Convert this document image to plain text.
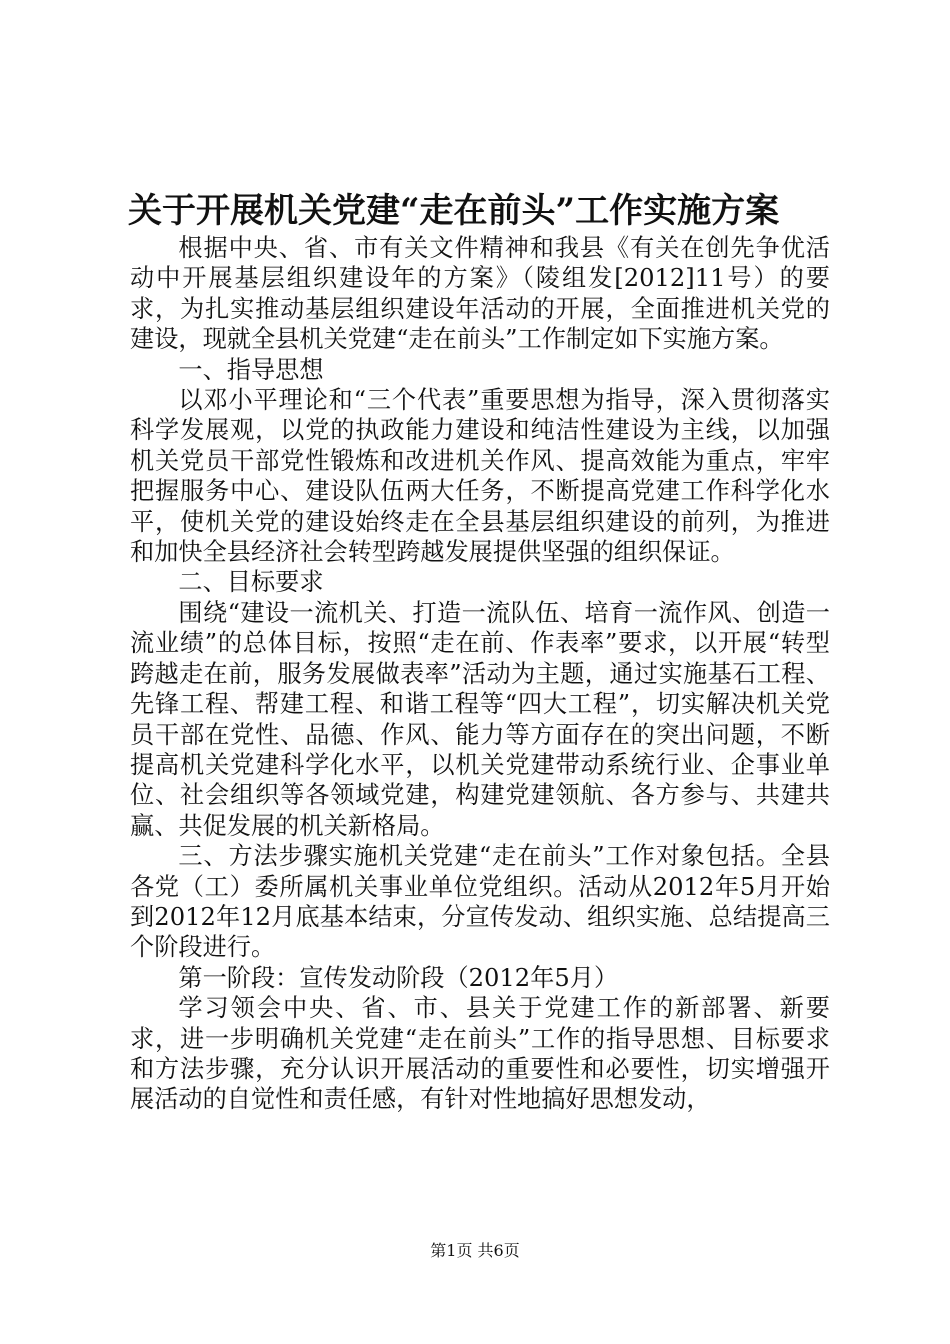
关于开展机关党建“走在前头”工作实施方案

根据中央、省、市有关文件精神和我县《有关在创先争优活动中开展基层组织建设年的方案》（陵组发[2012]11号）的要求，为扎实推动基层组织建设年活动的开展，全面推进机关党的建设，现就全县机关党建“走在前头”工作制定如下实施方案。

一、指导思想

以邓小平理论和“三个代表”重要思想为指导，深入贯彻落实科学发展观，以党的执政能力建设和纯洁性建设为主线，以加强机关党员干部党性锻炼和改进机关作风、提高效能为重点，牢牢把握服务中心、建设队伍两大任务，不断提高党建工作科学化水平，使机关党的建设始终走在全县基层组织建设的前列，为推进和加快全县经济社会转型跨越发展提供坚强的组织保证。

二、目标要求

围绕“建设一流机关、打造一流队伍、培育一流作风、创造一流业绩”的总体目标，按照“走在前、作表率”要求，以开展“转型跨越走在前，服务发展做表率”活动为主题，通过实施基石工程、先锋工程、帮建工程、和谐工程等“四大工程”，切实解决机关党员干部在党性、品德、作风、能力等方面存在的突出问题，不断提高机关党建科学化水平，以机关党建带动系统行业、企事业单位、社会组织等各领域党建，构建党建领航、各方参与、共建共赢、共促发展的机关新格局。

三、方法步骤实施机关党建“走在前头”工作对象包括。全县各党（工）委所属机关事业单位党组织。活动从2012年5月开始到2012年12月底基本结束，分宣传发动、组织实施、总结提高三个阶段进行。

第一阶段：宣传发动阶段（2012年5月）

学习领会中央、省、市、县关于党建工作的新部署、新要求，进一步明确机关党建“走在前头”工作的指导思想、目标要求和方法步骤，充分认识开展活动的重要性和必要性，切实增强开展活动的自觉性和责任感，有针对性地搞好思想发动，

第1页 共6页
